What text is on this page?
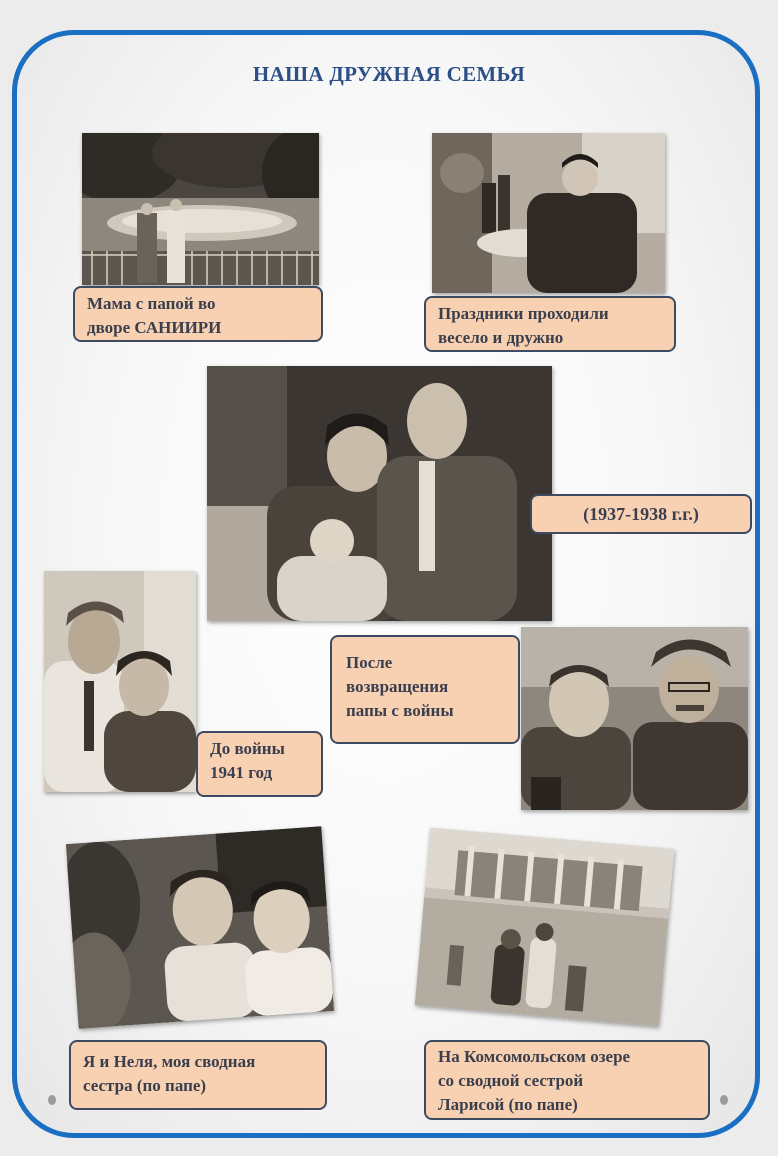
НАША ДРУЖНАЯ СЕМЬЯ
Мама с папой во
дворе САНИИРИ
Праздники проходили
весело и дружно
(1937-1938 г.г.)
До войны
1941 год
После
возвращения
папы с войны
Я и Неля, моя сводная
сестра (по папе)
На Комсомольском озере
со сводной сестрой
Ларисой (по папе)
